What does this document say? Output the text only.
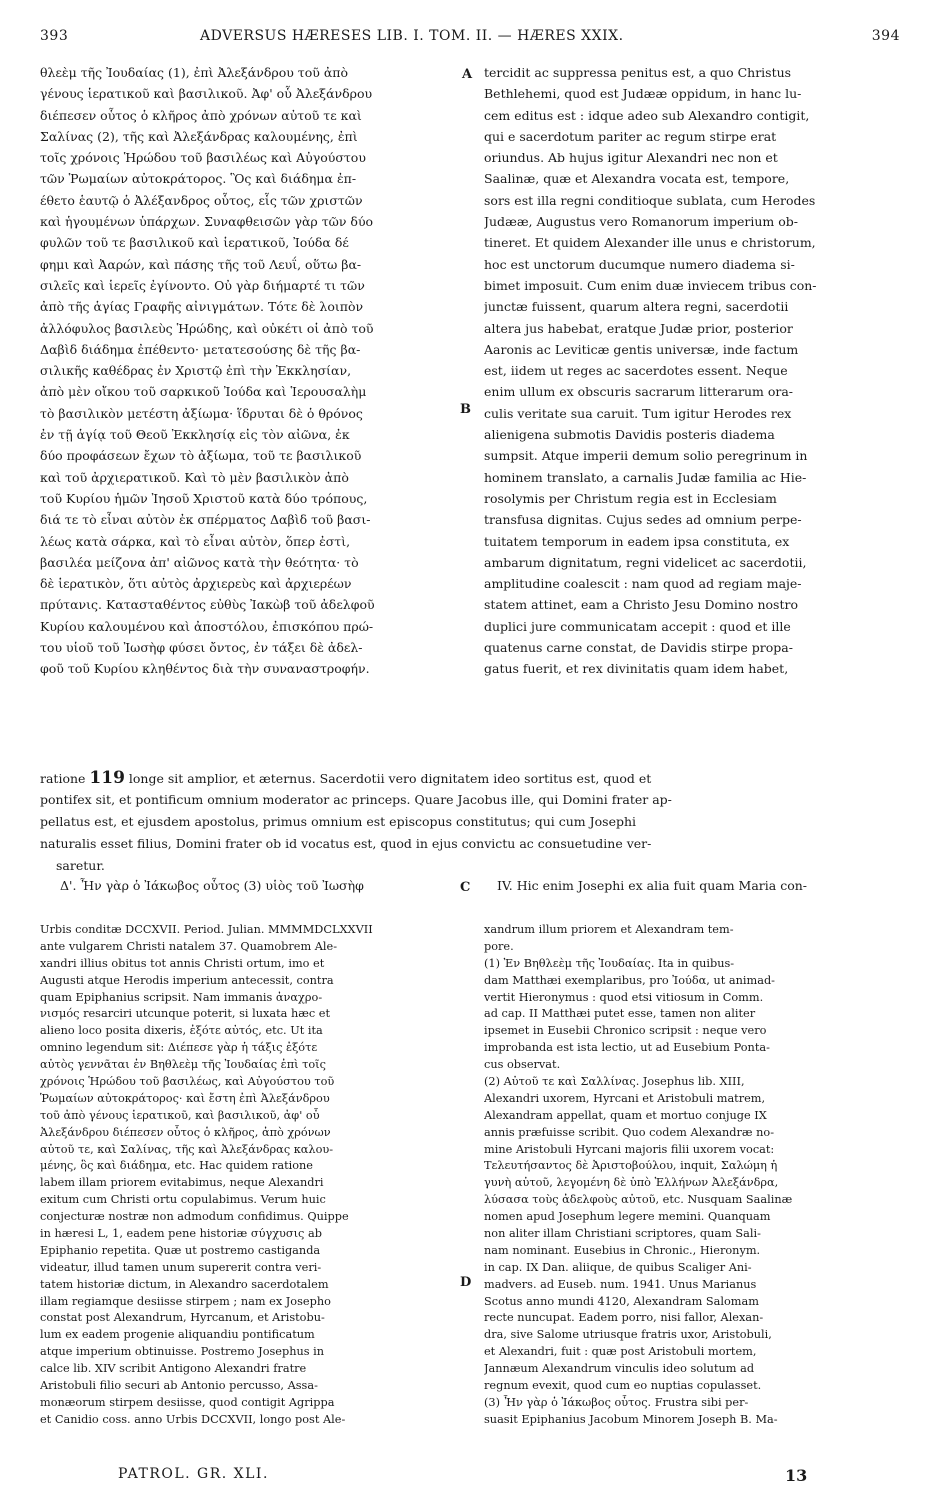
393	ADVERSUS HÆRESES LIB. I. TOM. II. — HÆRES XXIX.	394
θλεὲμ τῆς Ἰουδαίας (1), ἐπὶ Ἀλεξάνδρου τοῦ ἀπὸ
γένους ἱερατικοῦ καὶ βασιλικοῦ. Ἀφ' οὗ Ἀλεξάνδρου
διέπεσεν οὗτος ὁ κλῆρος ἀπὸ χρόνων αὐτοῦ τε καὶ
Σαλίνας (2), τῆς καὶ Ἀλεξάνδρας καλουμένης, ἐπὶ
τοῖς χρόνοις Ἡρώδου τοῦ βασιλέως καὶ Αὐγούστου
τῶν Ῥωμαίων αὐτοκράτορος. Ὃς καὶ διάδημα ἐπ-
έθετο ἑαυτῷ ὁ Ἀλέξανδρος οὗτος, εἷς τῶν χριστῶν
καὶ ἡγουμένων ὑπάρχων. Συναφθεισῶν γὰρ τῶν δύο
φυλῶν τοῦ τε βασιλικοῦ καὶ ἱερατικοῦ, Ἰούδα δέ
φημι καὶ Ἀαρών, καὶ πάσης τῆς τοῦ Λευΐ, οὕτω βα-
σιλεῖς καὶ ἱερεῖς ἐγίνοντο. Οὐ γὰρ διήμαρτέ τι τῶν
ἀπὸ τῆς ἁγίας Γραφῆς αἰνιγμάτων. Τότε δὲ λοιπὸν
ἀλλόφυλος βασιλεὺς Ἡρώδης, καὶ οὐκέτι οἱ ἀπὸ τοῦ
Δαβὶδ διάδημα ἐπέθεντο· μετατεσούσης δὲ τῆς βα-
σιλικῆς καθέδρας ἐν Χριστῷ ἐπὶ τὴν Ἐκκλησίαν,
ἀπὸ μὲν οἴκου τοῦ σαρκικοῦ Ἰούδα καὶ Ἱερουσαλὴμ
τὸ βασιλικὸν μετέστη ἀξίωμα· ἵδρυται δὲ ὁ θρόνος
ἐν τῇ ἁγίᾳ τοῦ Θεοῦ Ἐκκλησίᾳ εἰς τὸν αἰῶνα, ἐκ
δύο προφάσεων ἔχων τὸ ἀξίωμα, τοῦ τε βασιλικοῦ
καὶ τοῦ ἀρχιερατικοῦ. Καὶ τὸ μὲν βασιλικὸν ἀπὸ
τοῦ Κυρίου ἡμῶν Ἰησοῦ Χριστοῦ κατὰ δύο τρόπους,
διά τε τὸ εἶναι αὐτὸν ἐκ σπέρματος Δαβὶδ τοῦ βασι-
λέως κατὰ σάρκα, καὶ τὸ εἶναι αὐτὸν, ὅπερ ἐστὶ,
βασιλέα μείζονα ἀπ' αἰῶνος κατὰ τὴν θεότητα· τὸ
δὲ ἱερατικὸν, ὅτι αὐτὸς ἀρχιερεὺς καὶ ἀρχιερέων
πρύτανις. Κατασταθέντος εὐθὺς Ἰακὼβ τοῦ ἀδελφοῦ
Κυρίου καλουμένου καὶ ἀποστόλου, ἐπισκόπου πρώ-
του υἱοῦ τοῦ Ἰωσὴφ φύσει ὄντος, ἐν τάξει δὲ ἀδελ-
φοῦ τοῦ Κυρίου κληθέντος διὰ τὴν συναναστροφήν.
tercidit ac suppressa penitus est, a quo Christus
Bethlehemi, quod est Judææ oppidum, in hanc lu-
cem editus est : idque adeo sub Alexandro contigit,
qui e sacerdotum pariter ac regum stirpe erat
oriundus. Ab hujus igitur Alexandri nec non et
Saalinæ, quæ et Alexandra vocata est, tempore,
sors est illa regni conditioque sublata, cum Herodes
Judææ, Augustus vero Romanorum imperium ob-
tineret. Et quidem Alexander ille unus e christorum,
hoc est unctorum ducumque numero diadema si-
bimet imposuit. Cum enim duæ inviecem tribus con-
junctæ fuissent, quarum altera regni, sacerdotii
altera jus habebat, eratque Judæ prior, posterior
Aaronis ac Leviticæ gentis universæ, inde factum
est, iidem ut reges ac sacerdotes essent. Neque
enim ullum ex obscuris sacrarum litterarum ora-
culis veritate sua caruit. Tum igitur Herodes rex
alienigena submotis Davidis posteris diadema
sumpsit. Atque imperii demum solio peregrinum in
hominem translato, a carnalis Judæ familia ac Hie-
rosolymis per Christum regia est in Ecclesiam
transfusa dignitas. Cujus sedes ad omnium perpe-
tuitatem temporum in eadem ipsa constituta, ex
ambarum dignitatum, regni videlicet ac sacerdotii,
amplitudine coalescit : nam quod ad regiam maje-
statem attinet, eam a Christo Jesu Domino nostro
duplici jure communicatam accepit : quod et ille
quatenus carne constat, de Davidis stirpe propa-
gatus fuerit, et rex divinitatis quam idem habet,
A
B
C
D
ratione 119 longe sit amplior, et æternus. Sacerdotii vero dignitatem ideo sortitus est, quod et
pontifex sit, et pontificum omnium moderator ac princeps. Quare Jacobus ille, qui Domini frater ap-
pellatus est, et ejusdem apostolus, primus omnium est episcopus constitutus; qui cum Josephi
naturalis esset filius, Domini frater ob id vocatus est, quod in ejus convictu ac consuetudine ver-
saretur.
Δ'. Ἦν γὰρ ὁ Ἰάκωβος οὗτος (3) υἱὸς τοῦ Ἰωσὴφ	IV. Hic enim Josephi ex alia fuit quam Maria con-
Urbis conditæ DCCXVII. Period. Julian. MMMMDCLXXVII
ante vulgarem Christi natalem 37. Quamobrem Ale-
xandri illius obitus tot annis Christi ortum, imo et
Augusti atque Herodis imperium antecessit, contra
quam Epiphanius scripsit. Nam immanis ἀναχρο-
νισμός resarciri utcunque poterit, si luxata hæc et
alieno loco posita dixeris, ἐξότε αὐτός, etc. Ut ita
omnino legendum sit: Διέπεσε γὰρ ἡ τάξις ἐξότε
αὐτὸς γεννᾶται ἐν Βηθλεὲμ τῆς Ἰουδαίας ἐπὶ τοῖς
χρόνοις Ἡρώδου τοῦ βασιλέως, καὶ Αὐγούστου τοῦ
Ῥωμαίων αὐτοκράτορος· καὶ ἔστη ἐπὶ Ἀλεξάνδρου
τοῦ ἀπὸ γένους ἱερατικοῦ, καὶ βασιλικοῦ, ἀφ' οὗ
Ἀλεξάνδρου διέπεσεν οὗτος ὁ κλῆρος, ἀπὸ χρόνων
αὐτοῦ τε, καὶ Σαλίνας, τῆς καὶ Ἀλεξάνδρας καλου-
μένης, ὃς καὶ διάδημα, etc. Hac quidem ratione
labem illam priorem evitabimus, neque Alexandri
exitum cum Christi ortu copulabimus. Verum huic
conjecturæ nostræ non admodum confidimus. Quippe
in hæresi L, 1, eadem pene historiæ σύγχυσις ab
Epiphanio repetita. Quæ ut postremo castiganda
videatur, illud tamen unum supererit contra veri-
tatem historiæ dictum, in Alexandro sacerdotalem
illam regiamque desiisse stirpem ; nam ex Josepho
constat post Alexandrum, Hyrcanum, et Aristobu-
lum ex eadem progenie aliquandiu pontificatum
atque imperium obtinuisse. Postremo Josephus in
calce lib. XIV scribit Antigono Alexandri fratre
Aristobuli filio securi ab Antonio percusso, Assa-
monæorum stirpem desiisse, quod contigit Agrippa
et Canidio coss. anno Urbis DCCXVII, longo post Ale-
xandrum illum priorem et Alexandram tem-
pore.
(1) Ἐν Βηθλεὲμ τῆς Ἰουδαίας. Ita in quibus-
dam Matthæi exemplaribus, pro Ἰούδα, ut animad-
vertit Hieronymus : quod etsi vitiosum in Comm.
ad cap. II Matthæi putet esse, tamen non aliter
ipsemet in Eusebii Chronico scripsit : neque vero
improbanda est ista lectio, ut ad Eusebium Ponta-
cus observat.
(2) Αὐτοῦ τε καὶ Σαλλίνας. Josephus lib. XIII,
Alexandri uxorem, Hyrcani et Aristobuli matrem,
Alexandram appellat, quam et mortuo conjuge IX
annis præfuisse scribit. Quo codem Alexandræ no-
mine Aristobuli Hyrcani majoris filii uxorem vocat:
Τελευτήσαντος δὲ Ἀριστοβούλου, inquit, Σαλώμη ἡ
γυνὴ αὐτοῦ, λεγομένη δὲ ὑπὸ Ἑλλήνων Ἀλεξάνδρα,
λύσασα τοὺς ἀδελφοὺς αὐτοῦ, etc. Nusquam Saalinæ
nomen apud Josephum legere memini. Quanquam
non aliter illam Christiani scriptores, quam Sali-
nam nominant. Eusebius in Chronic., Hieronym.
in cap. IX Dan. aliique, de quibus Scaliger Ani-
madvers. ad Euseb. num. 1941. Unus Marianus
Scotus anno mundi 4120, Alexandram Salomam
recte nuncupat. Eadem porro, nisi fallor, Alexan-
dra, sive Salome utriusque fratris uxor, Aristobuli,
et Alexandri, fuit : quæ post Aristobuli mortem,
Jannæum Alexandrum vinculis ideo solutum ad
regnum evexit, quod cum eo nuptias copulasset.
(3) Ἦν γὰρ ὁ Ἰάκωβος οὗτος. Frustra sibi per-
suasit Epiphanius Jacobum Minorem Joseph B. Ma-
PATROL. GR. XLI.	13
